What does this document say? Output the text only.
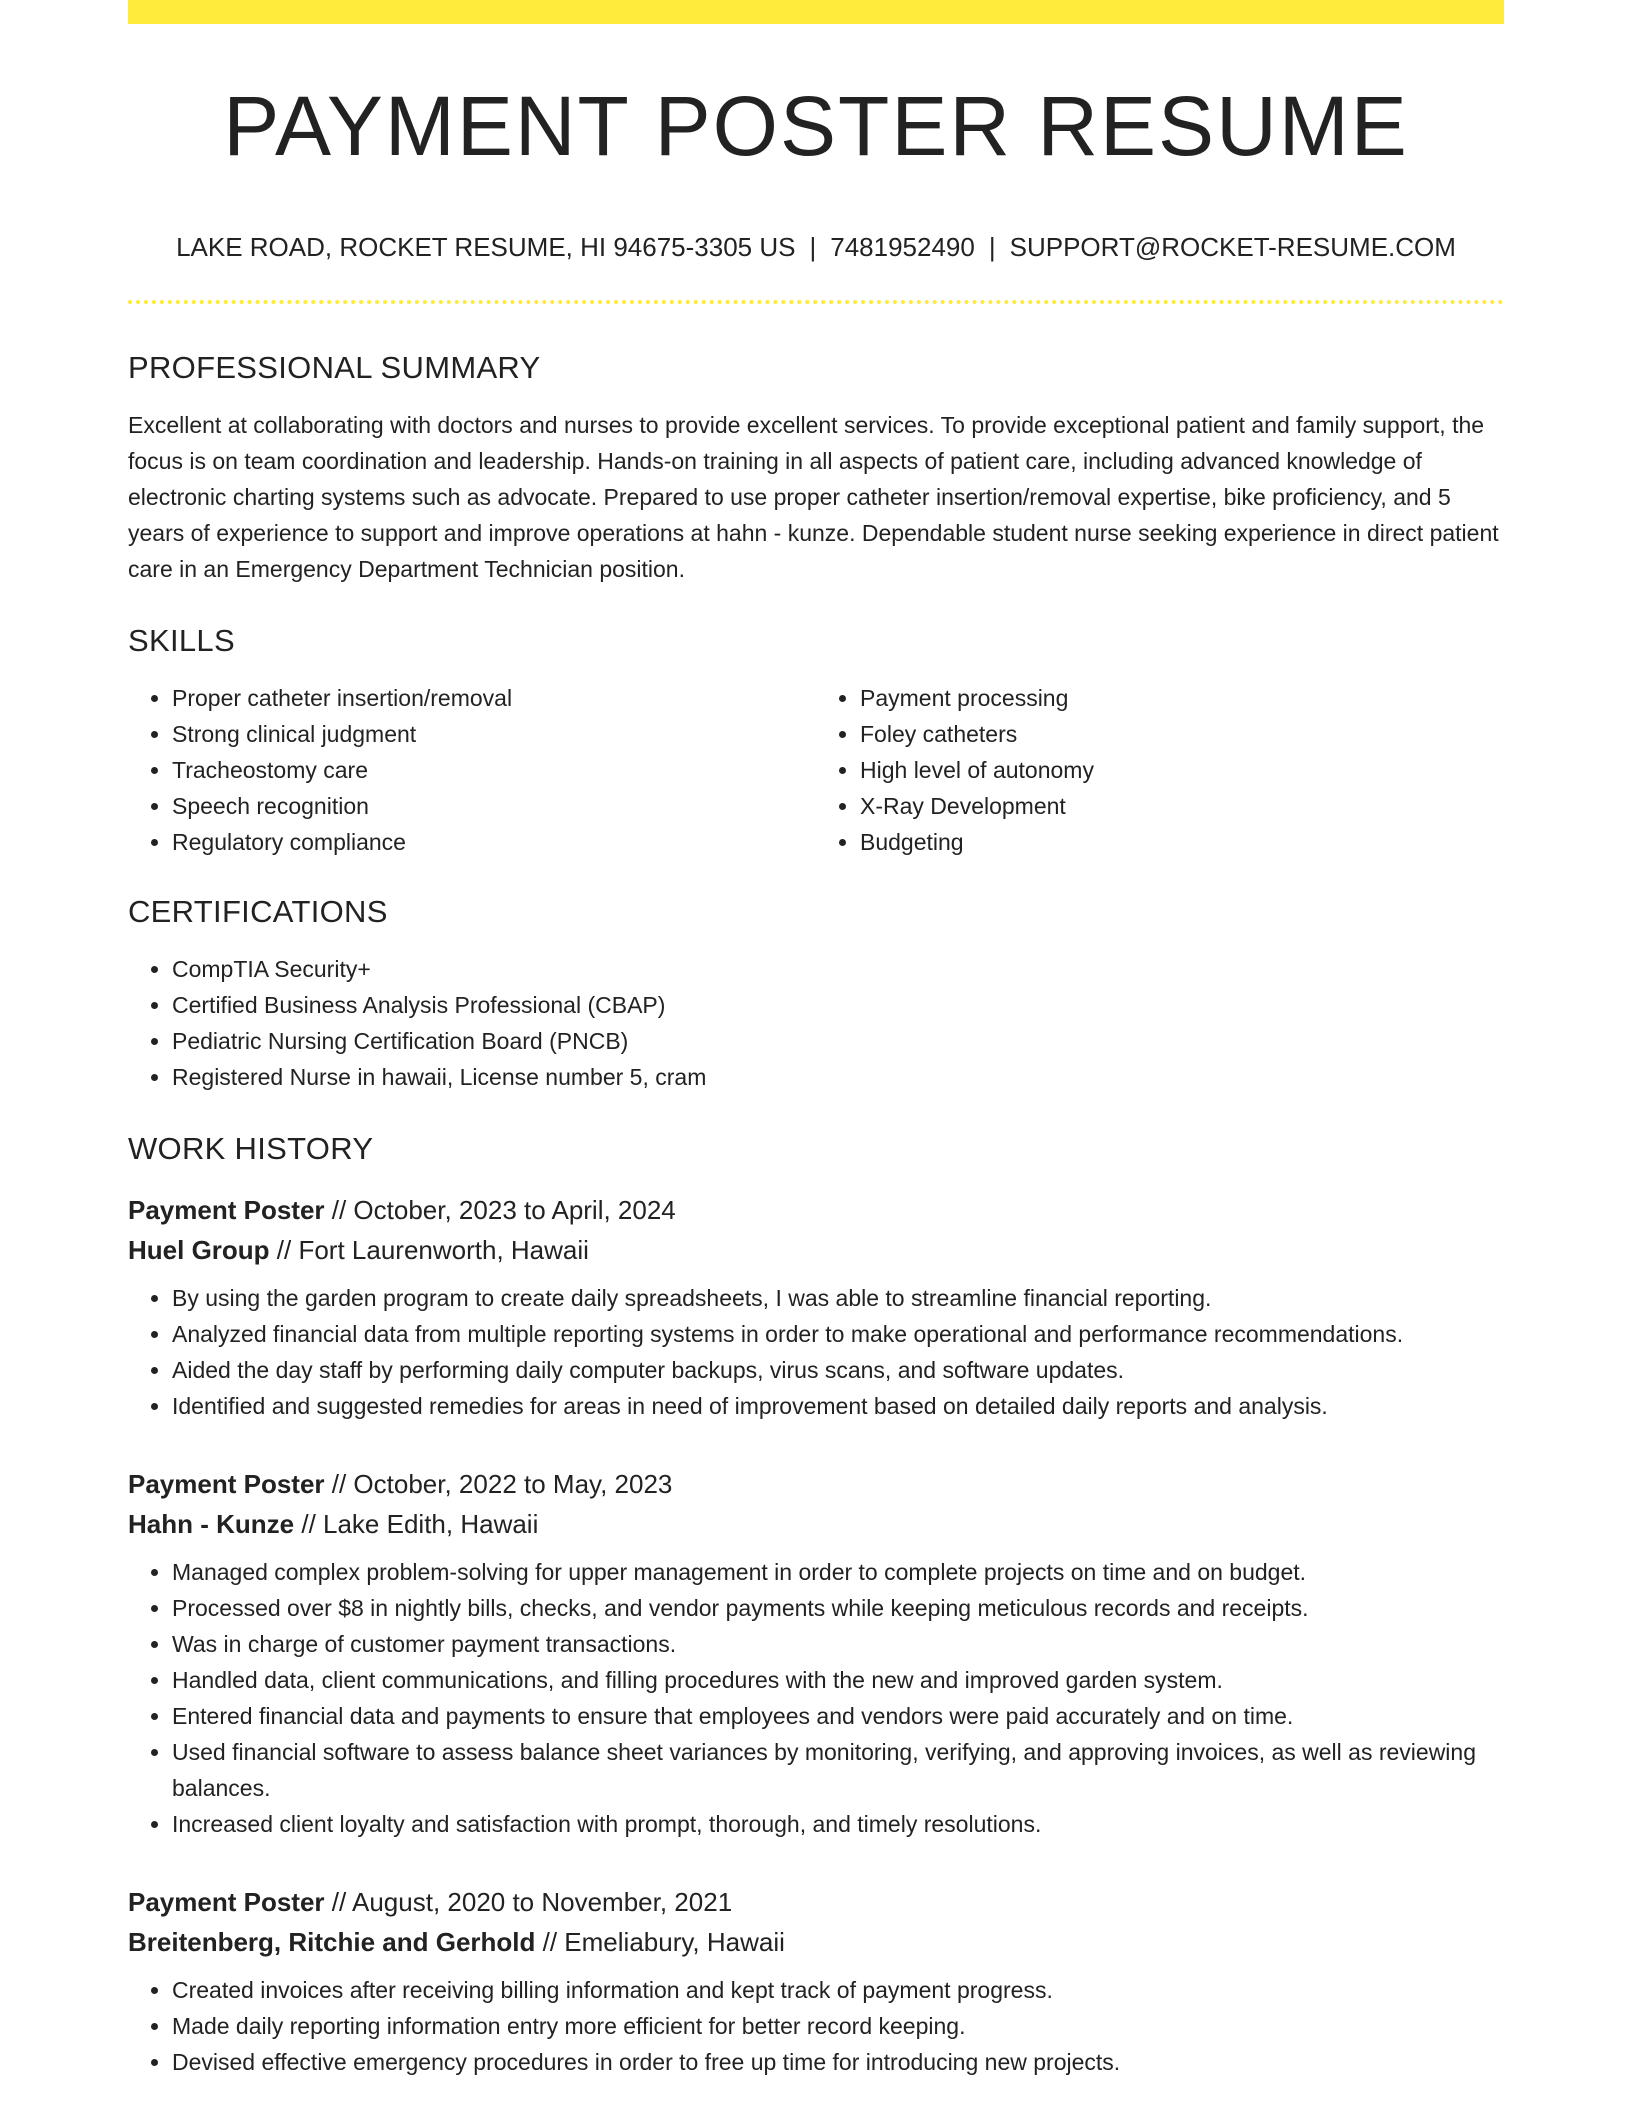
PAYMENT POSTER RESUME
LAKE ROAD, ROCKET RESUME, HI 94675-3305 US | 7481952490 | SUPPORT@ROCKET-RESUME.COM
PROFESSIONAL SUMMARY

Excellent at collaborating with doctors and nurses to provide excellent services. To provide exceptional patient and family support, the focus is on team coordination and leadership. Hands-on training in all aspects of patient care, including advanced knowledge of electronic charting systems such as advocate. Prepared to use proper catheter insertion/removal expertise, bike proficiency, and 5 years of experience to support and improve operations at hahn - kunze. Dependable student nurse seeking experience in direct patient care in an Emergency Department Technician position.

SKILLS
• Proper catheter insertion/removal
• Strong clinical judgment
• Tracheostomy care
• Speech recognition
• Regulatory compliance
• Payment processing
• Foley catheters
• High level of autonomy
• X-Ray Development
• Budgeting
CERTIFICATIONS
• CompTIA Security+
• Certified Business Analysis Professional (CBAP)
• Pediatric Nursing Certification Board (PNCB)
• Registered Nurse in hawaii, License number 5, cram
WORK HISTORY
Payment Poster // October, 2023 to April, 2024
Huel Group // Fort Laurenworth, Hawaii
• By using the garden program to create daily spreadsheets, I was able to streamline financial reporting.
• Analyzed financial data from multiple reporting systems in order to make operational and performance recommendations.
• Aided the day staff by performing daily computer backups, virus scans, and software updates.
• Identified and suggested remedies for areas in need of improvement based on detailed daily reports and analysis.
Payment Poster // October, 2022 to May, 2023
Hahn - Kunze // Lake Edith, Hawaii
• Managed complex problem-solving for upper management in order to complete projects on time and on budget.
• Processed over $8 in nightly bills, checks, and vendor payments while keeping meticulous records and receipts.
• Was in charge of customer payment transactions.
• Handled data, client communications, and filling procedures with the new and improved garden system.
• Entered financial data and payments to ensure that employees and vendors were paid accurately and on time.
• Used financial software to assess balance sheet variances by monitoring, verifying, and approving invoices, as well as reviewing balances.
• Increased client loyalty and satisfaction with prompt, thorough, and timely resolutions.
Payment Poster // August, 2020 to November, 2021
Breitenberg, Ritchie and Gerhold // Emeliabury, Hawaii
• Created invoices after receiving billing information and kept track of payment progress.
• Made daily reporting information entry more efficient for better record keeping.
• Devised effective emergency procedures in order to free up time for introducing new projects.
